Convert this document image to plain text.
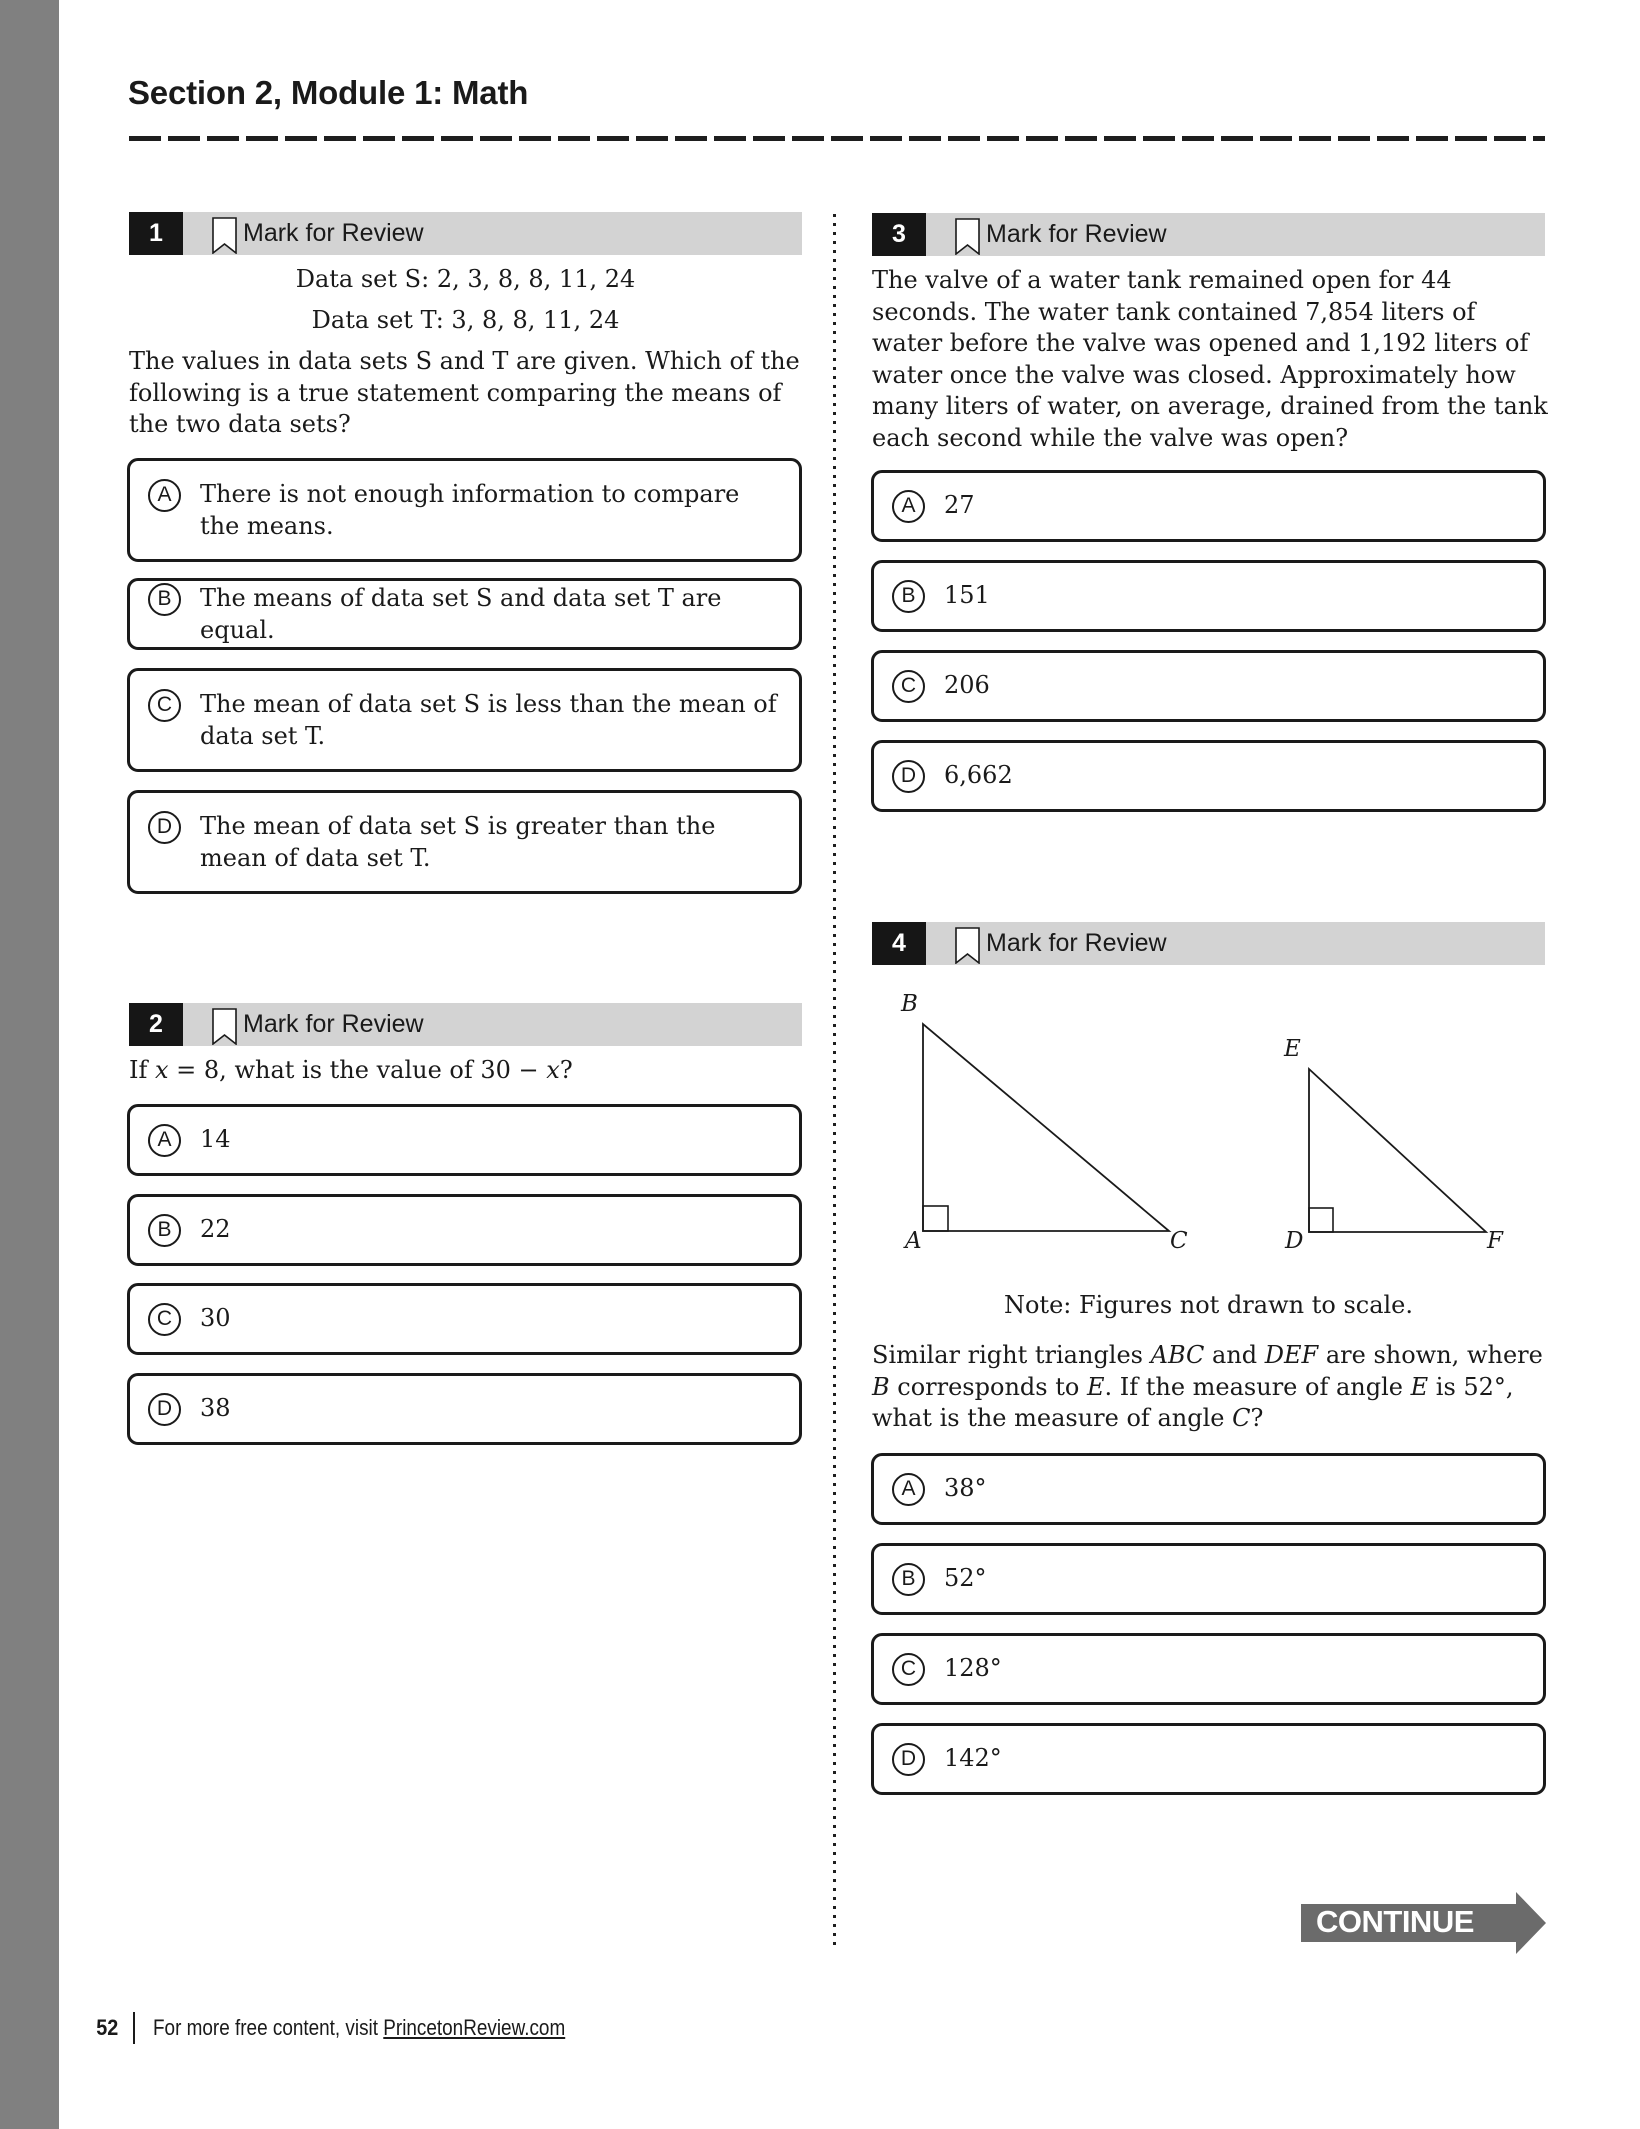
Section 2, Module 1: Math
1	Mark for Review
Data set S: 2, 3, 8, 8, 11, 24
Data set T: 3, 8, 8, 11, 24
The values in data sets S and T are given. Which of the following is a true statement comparing the means of the two data sets?
A	There is not enough information to compare the means.
B	The means of data set S and data set T are equal.
C	The mean of data set S is less than the mean of data set T.
D	The mean of data set S is greater than the mean of data set T.
2	Mark for Review
If x = 8, what is the value of 30 − x?
A	14
B	22
C	30
D	38
3	Mark for Review
The valve of a water tank remained open for 44 seconds. The water tank contained 7,854 liters of water before the valve was opened and 1,192 liters of water once the valve was closed. Approximately how many liters of water, on average, drained from the tank each second while the valve was open?
A	27
B	151
C	206
D	6,662
4	Mark for Review
B
A	C
E
D	F
Note: Figures not drawn to scale.
Similar right triangles ABC and DEF are shown, where B corresponds to E. If the measure of angle E is 52°,
what is the measure of angle C?
A	38°
B	52°
C	128°
D	142°
CONTINUE
52 For more free content, visit PrincetonReview.com
